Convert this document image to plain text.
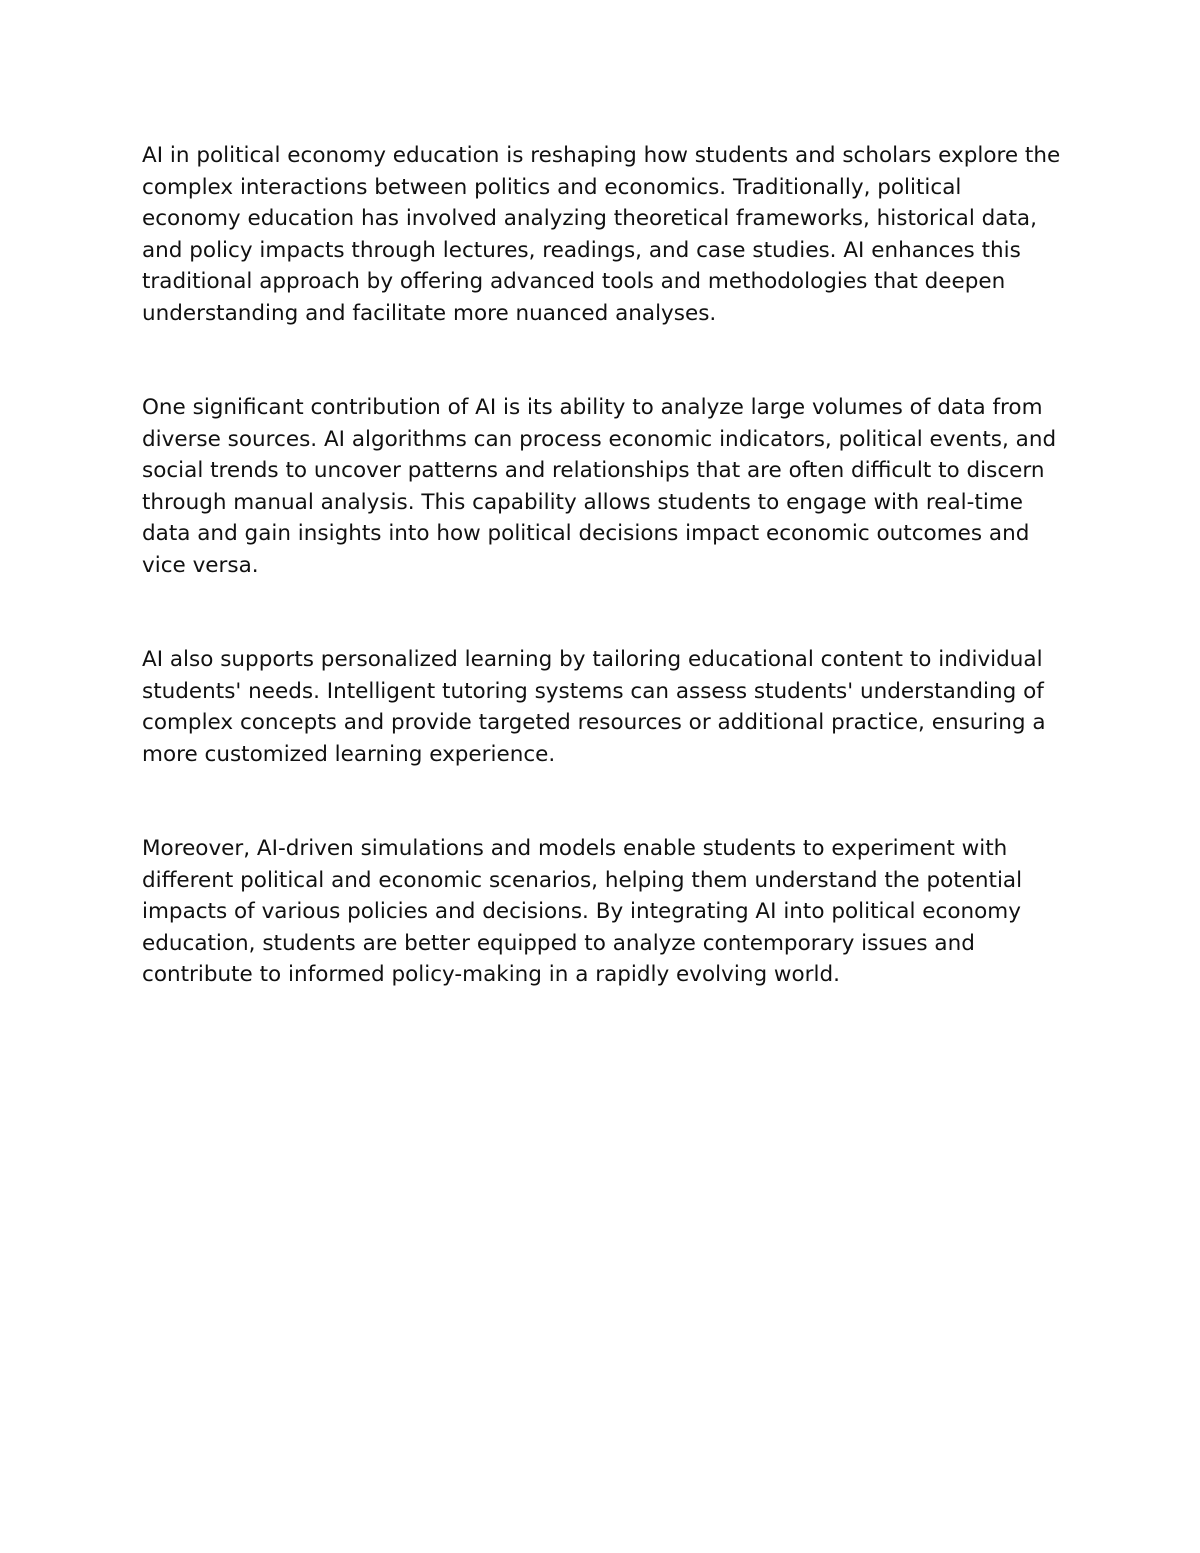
AI in political economy education is reshaping how students and scholars explore the complex interactions between politics and economics. Traditionally, political economy education has involved analyzing theoretical frameworks, historical data, and policy impacts through lectures, readings, and case studies. AI enhances this traditional approach by offering advanced tools and methodologies that deepen understanding and facilitate more nuanced analyses.

One significant contribution of AI is its ability to analyze large volumes of data from diverse sources. AI algorithms can process economic indicators, political events, and social trends to uncover patterns and relationships that are often difficult to discern through manual analysis. This capability allows students to engage with real-time data and gain insights into how political decisions impact economic outcomes and vice versa.

AI also supports personalized learning by tailoring educational content to individual students' needs. Intelligent tutoring systems can assess students' understanding of complex concepts and provide targeted resources or additional practice, ensuring a more customized learning experience.

Moreover, AI-driven simulations and models enable students to experiment with different political and economic scenarios, helping them understand the potential impacts of various policies and decisions. By integrating AI into political economy education, students are better equipped to analyze contemporary issues and contribute to informed policy-making in a rapidly evolving world.
